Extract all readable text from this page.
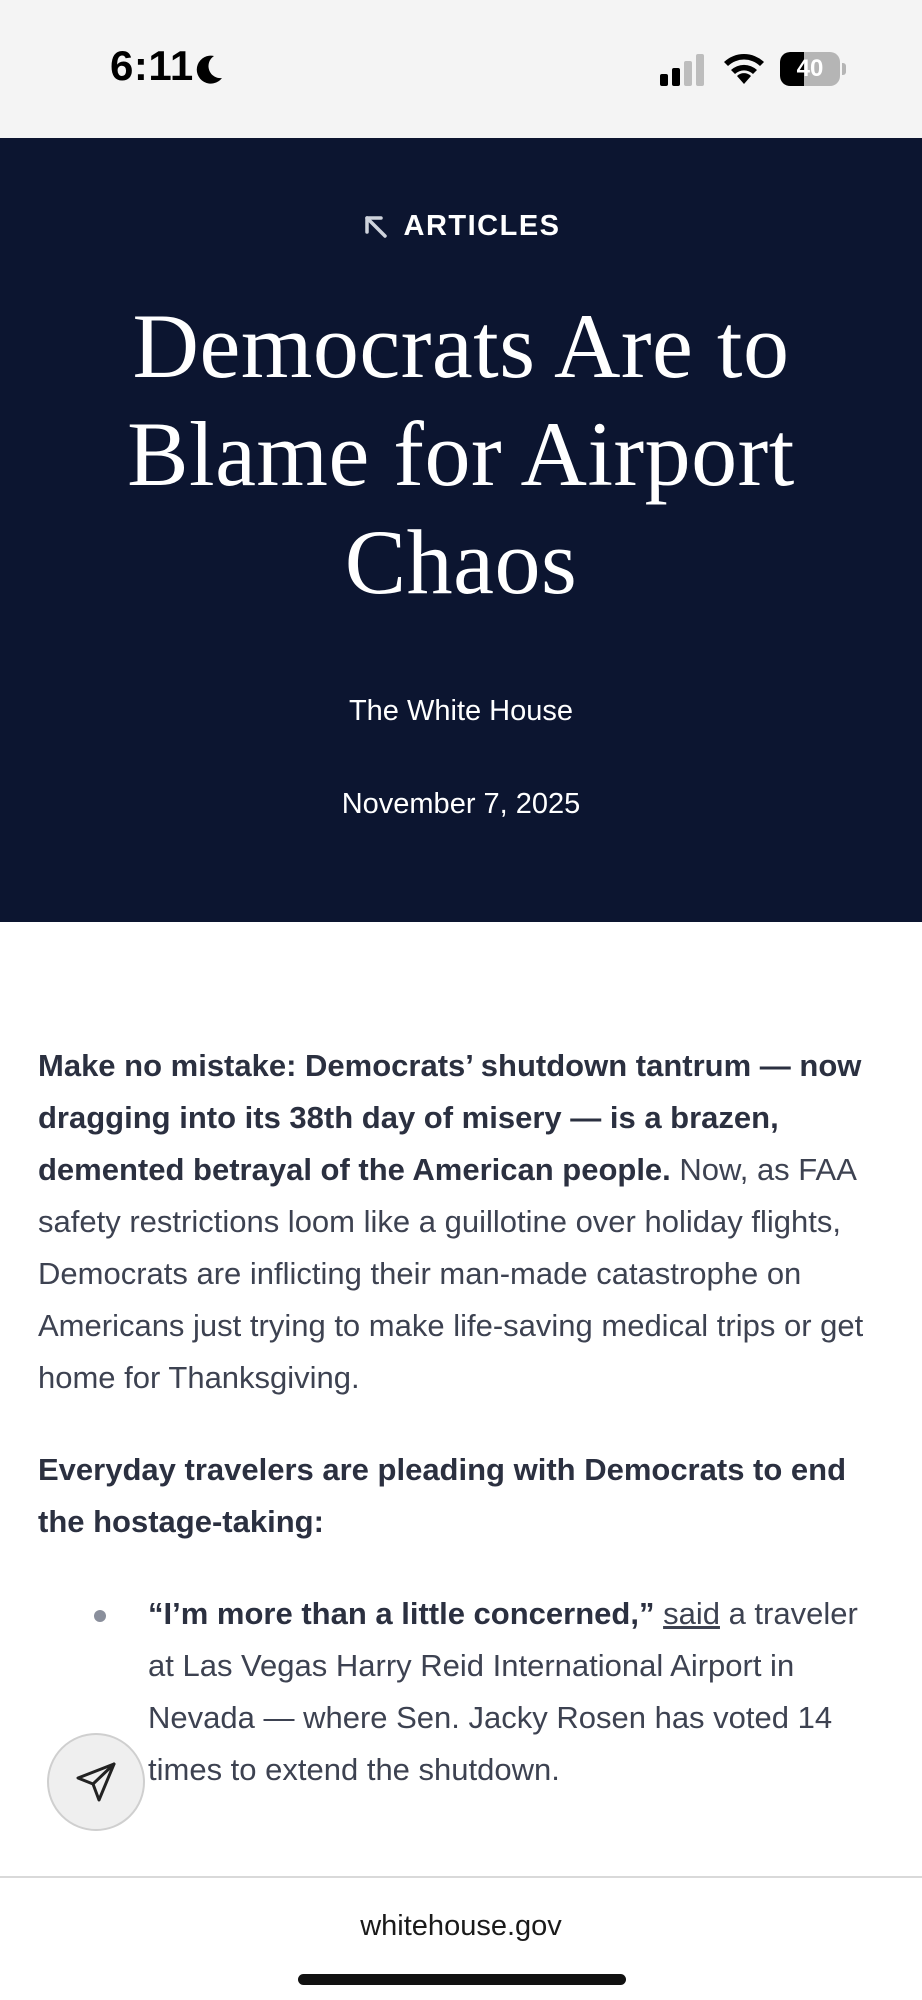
6:11	40
ARTICLES
Democrats Are to Blame for Airport Chaos
The White House
November 7, 2025

Make no mistake: Democrats’ shutdown tantrum — now dragging into its 38th day of misery — is a brazen, demented betrayal of the American people. Now, as FAA safety restrictions loom like a guillotine over holiday flights, Democrats are inflicting their man-made catastrophe on Americans just trying to make life-saving medical trips or get home for Thanksgiving.

Everyday travelers are pleading with Democrats to end the hostage-taking:

“I’m more than a little concerned,” said a traveler at Las Vegas Harry Reid International Airport in Nevada — where Sen. Jacky Rosen has voted 14 times to extend the shutdown.
whitehouse.gov
